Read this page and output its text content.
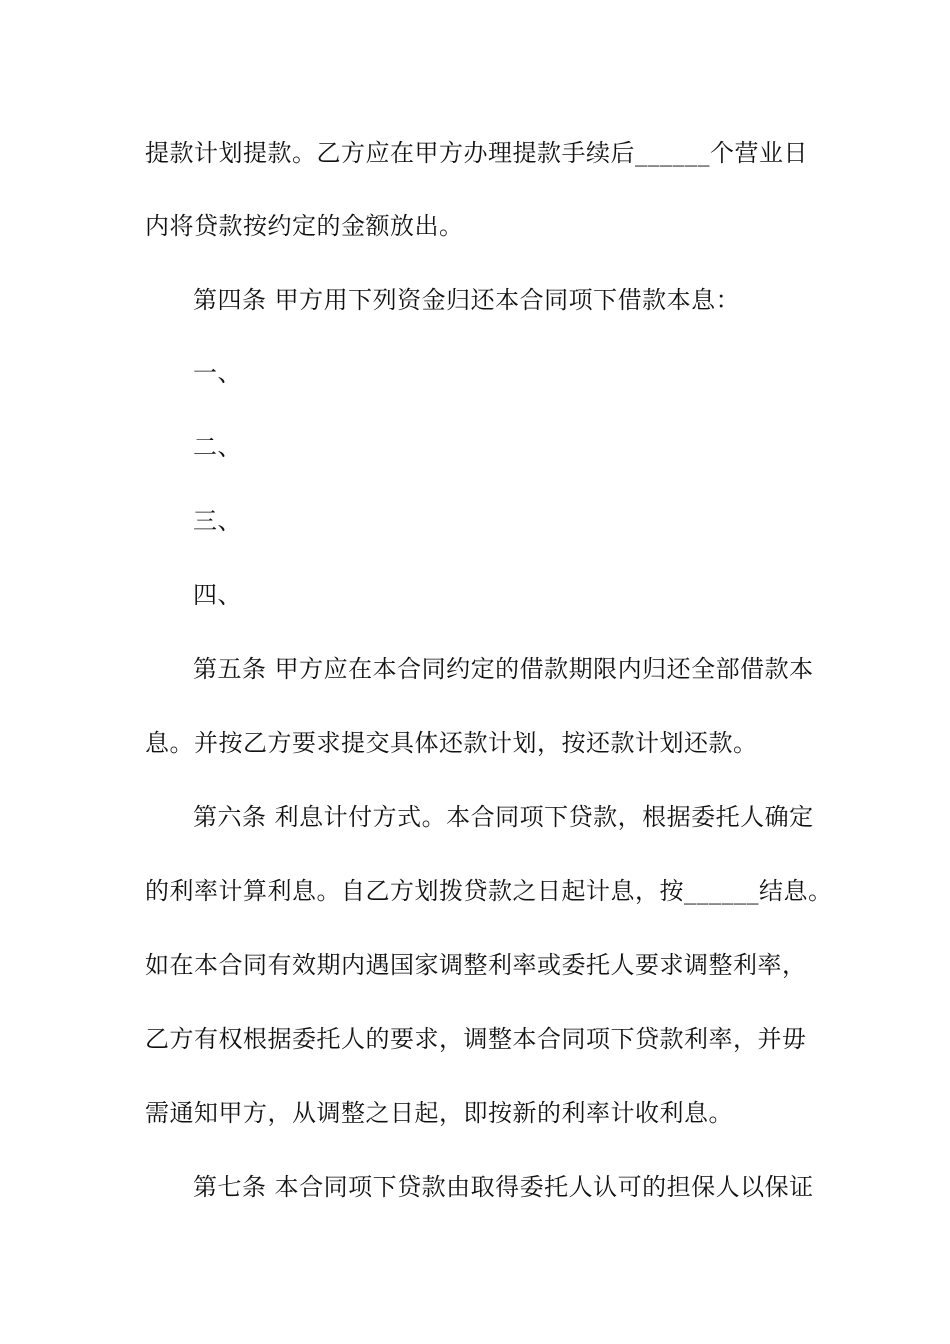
提款计划提款。乙方应在甲方办理提款手续后______个营业日
内将贷款按约定的金额放出。
第四条 甲方用下列资金归还本合同项下借款本息：
一、
二、
三、
四、
第五条 甲方应在本合同约定的借款期限内归还全部借款本
息。并按乙方要求提交具体还款计划，按还款计划还款。
第六条 利息计付方式。本合同项下贷款，根据委托人确定
的利率计算利息。自乙方划拨贷款之日起计息，按______结息。
如在本合同有效期内遇国家调整利率或委托人要求调整利率，
乙方有权根据委托人的要求，调整本合同项下贷款利率，并毋
需通知甲方，从调整之日起，即按新的利率计收利息。
第七条 本合同项下贷款由取得委托人认可的担保人以保证
